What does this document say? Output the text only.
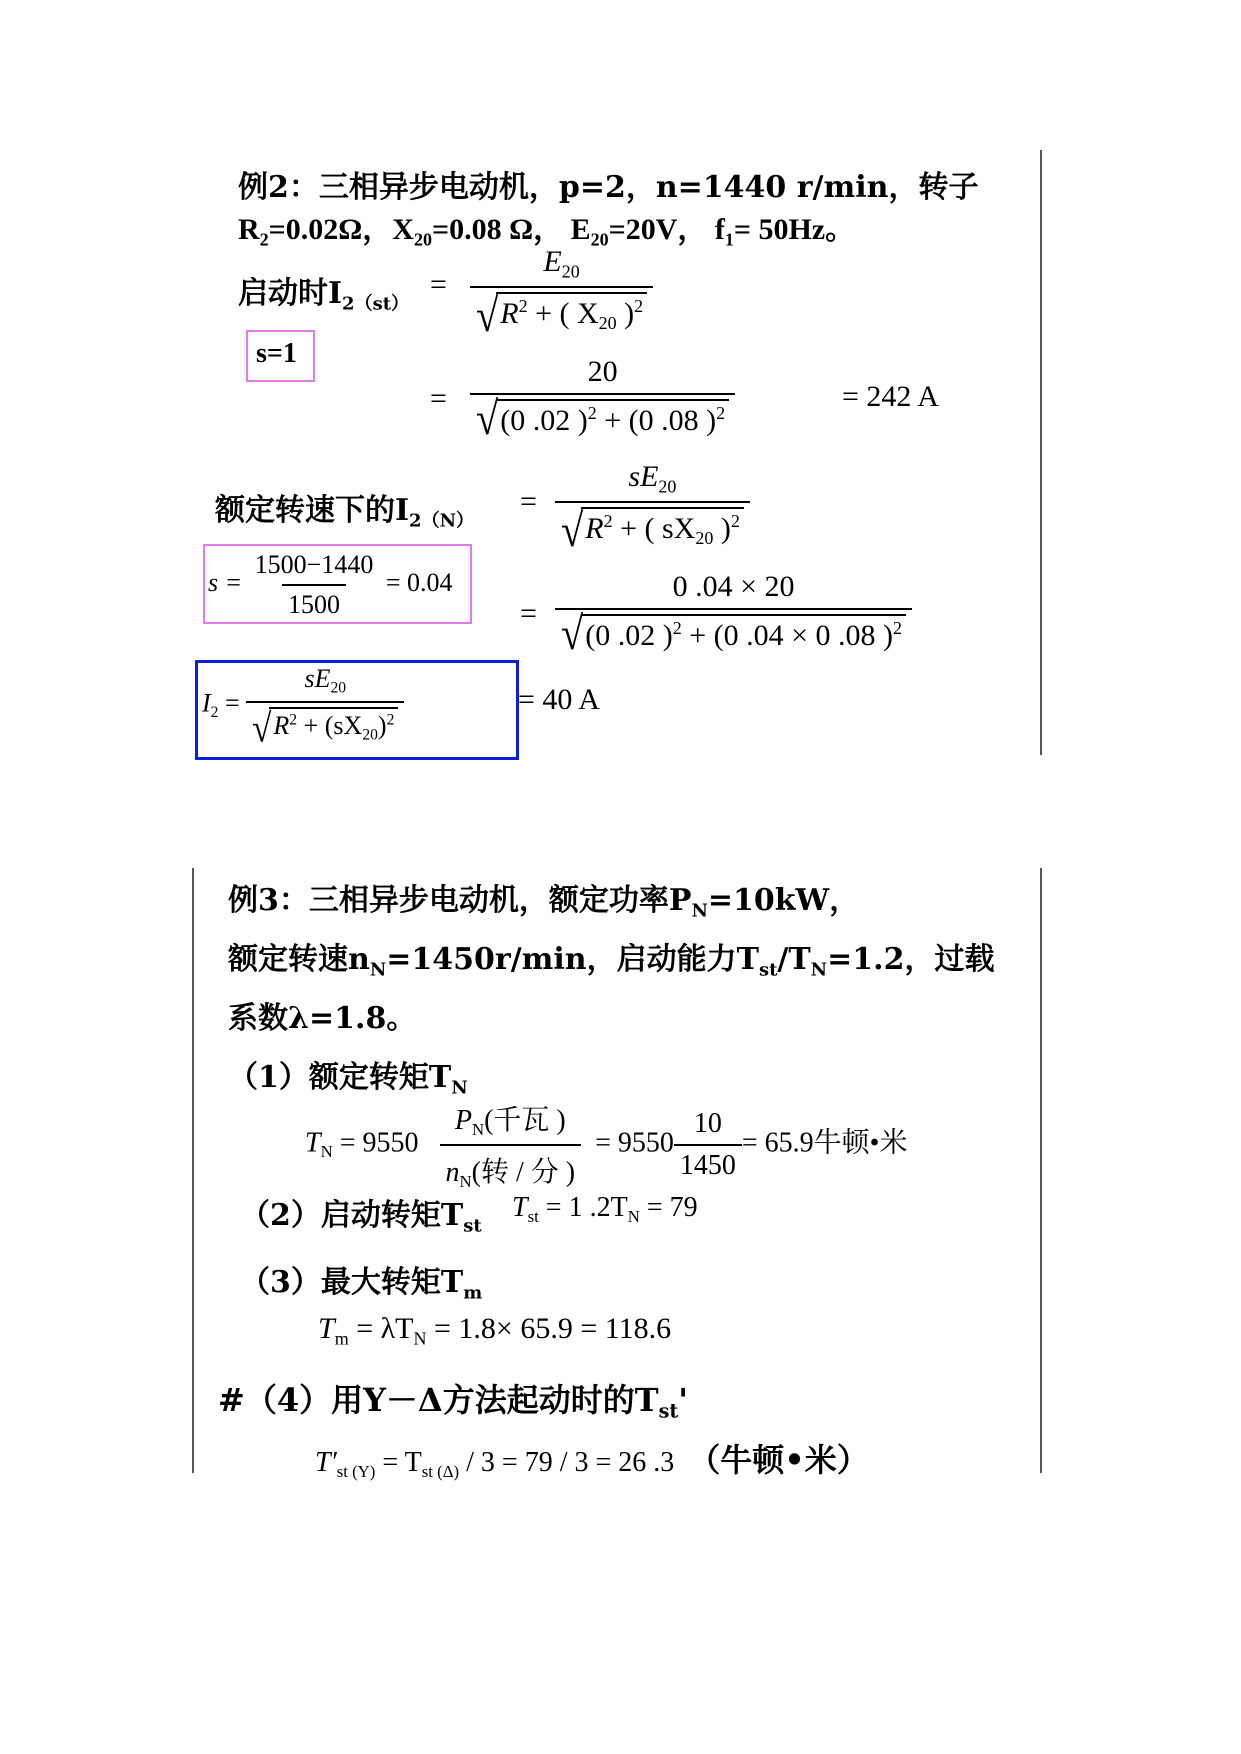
例2：三相异步电动机，p=2，n=1440 r/min，转子
$R_2=0.02\Omega$，$X_{20}=0.08$ Ω， $E_{20}=20V$， $f_1= 50Hz$。
启动时$I_{2(st)}$
= $\frac{E_{20}}{√ R^2 + ( X_{20} )^2}$
s=1
= $\frac{20}{√ (0 .02 )^2 + (0 .08 )^2}$	= 242 A
额定转速下的$I_{2(N)}$
= $\frac{sE_{20}}{√ R^2 + ( sX_{20} )^2}$
$s = \frac{1500-1440}{1500} = 0.04$
= $\frac{0 .04 \times 20}{√ (0 .02 )^2 + (0 .04 \times 0 .08 )^2}$
$I_2 = \frac{sE_{20}}{√ R^2 + (sX_{20})^2}$	= 40 A
例3：三相异步电动机，额定功率$P_N=10kW$，
额定转速$n_N=1450r/\min$，启动能力$T_{st}/T_N=1.2$，过载
系数λ=1.8。
（1）额定转矩$T_N$
$T_N = 9550 \frac{P_N(千瓦 )}{n_N(转 / 分 )} = 9550 \frac{10}{1450} = 65.9$牛顿•米
（2）启动转矩$T_{st}$
$T_{st} = 1$ $.2T_N = 79$
（3）最大转矩$T_m$
$T_m = \lambda T_N = 1.8\times 65.9 = 118.6$
#（4）用Y－Δ方法起动时的$T_{st}'$
$T'_{st (Y)} = T_{st (\Delta)} / 3 = 79 / 3 = 26$ .3 （牛顿•米）
